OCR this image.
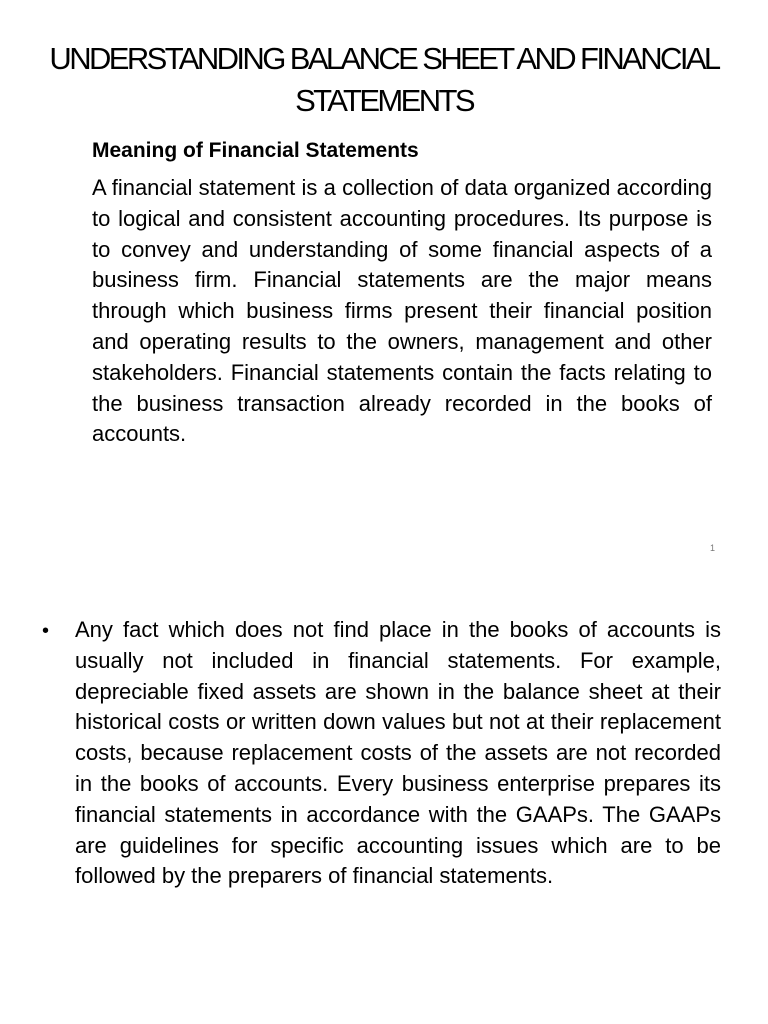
UNDERSTANDING BALANCE SHEET AND FINANCIAL STATEMENTS
Meaning of Financial Statements

A financial statement is a collection of data organized according to logical and consistent accounting procedures. Its purpose is to convey and understanding of some financial aspects of a business firm. Financial statements are the major means through which business firms present their financial position and operating results to the owners, management and other stakeholders. Financial statements contain the facts relating to the business transaction already recorded in the books of accounts.

1
• Any fact which does not find place in the books of accounts is usually not included in financial statements. For example, depreciable fixed assets are shown in the balance sheet at their historical costs or written down values but not at their replacement costs, because replacement costs of the assets are not recorded in the books of accounts. Every business enterprise prepares its financial statements in accordance with the GAAPs. The GAAPs are guidelines for specific accounting issues which are to be followed by the preparers of financial statements.
